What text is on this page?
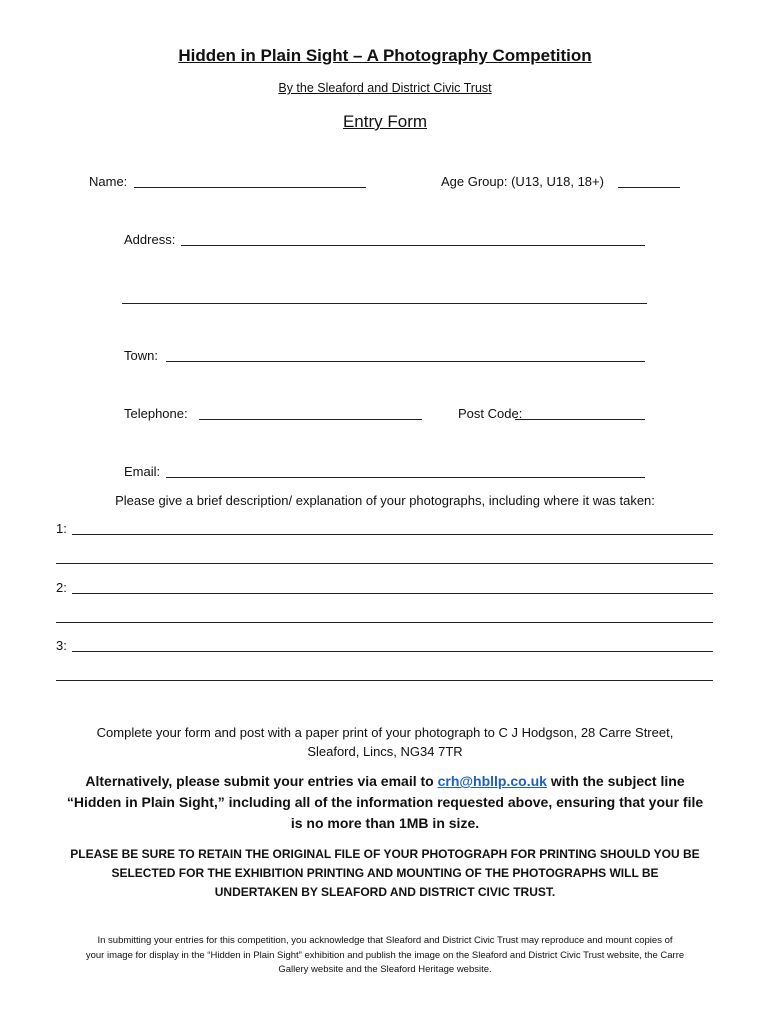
Hidden in Plain Sight – A Photography Competition
By the Sleaford and District Civic Trust
Entry Form
Name:	Age Group: (U13, U18, 18+)
Address:
Town:
Telephone:	Post Code:
Email:
Please give a brief description/ explanation of your photographs, including where it was taken:
1:
2:
3:
Complete your form and post with a paper print of your photograph to C J Hodgson, 28 Carre Street,
Sleaford, Lincs, NG34 7TR
Alternatively, please submit your entries via email to crh@hbllp.co.uk with the subject line
“Hidden in Plain Sight,” including all of the information requested above, ensuring that your file
is no more than 1MB in size.
PLEASE BE SURE TO RETAIN THE ORIGINAL FILE OF YOUR PHOTOGRAPH FOR PRINTING SHOULD YOU BE
SELECTED FOR THE EXHIBITION PRINTING AND MOUNTING OF THE PHOTOGRAPHS WILL BE
UNDERTAKEN BY SLEAFORD AND DISTRICT CIVIC TRUST.
In submitting your entries for this competition, you acknowledge that Sleaford and District Civic Trust may reproduce and mount copies of
your image for display in the “Hidden in Plain Sight” exhibition and publish the image on the Sleaford and District Civic Trust website, the Carre
Gallery website and the Sleaford Heritage website.
